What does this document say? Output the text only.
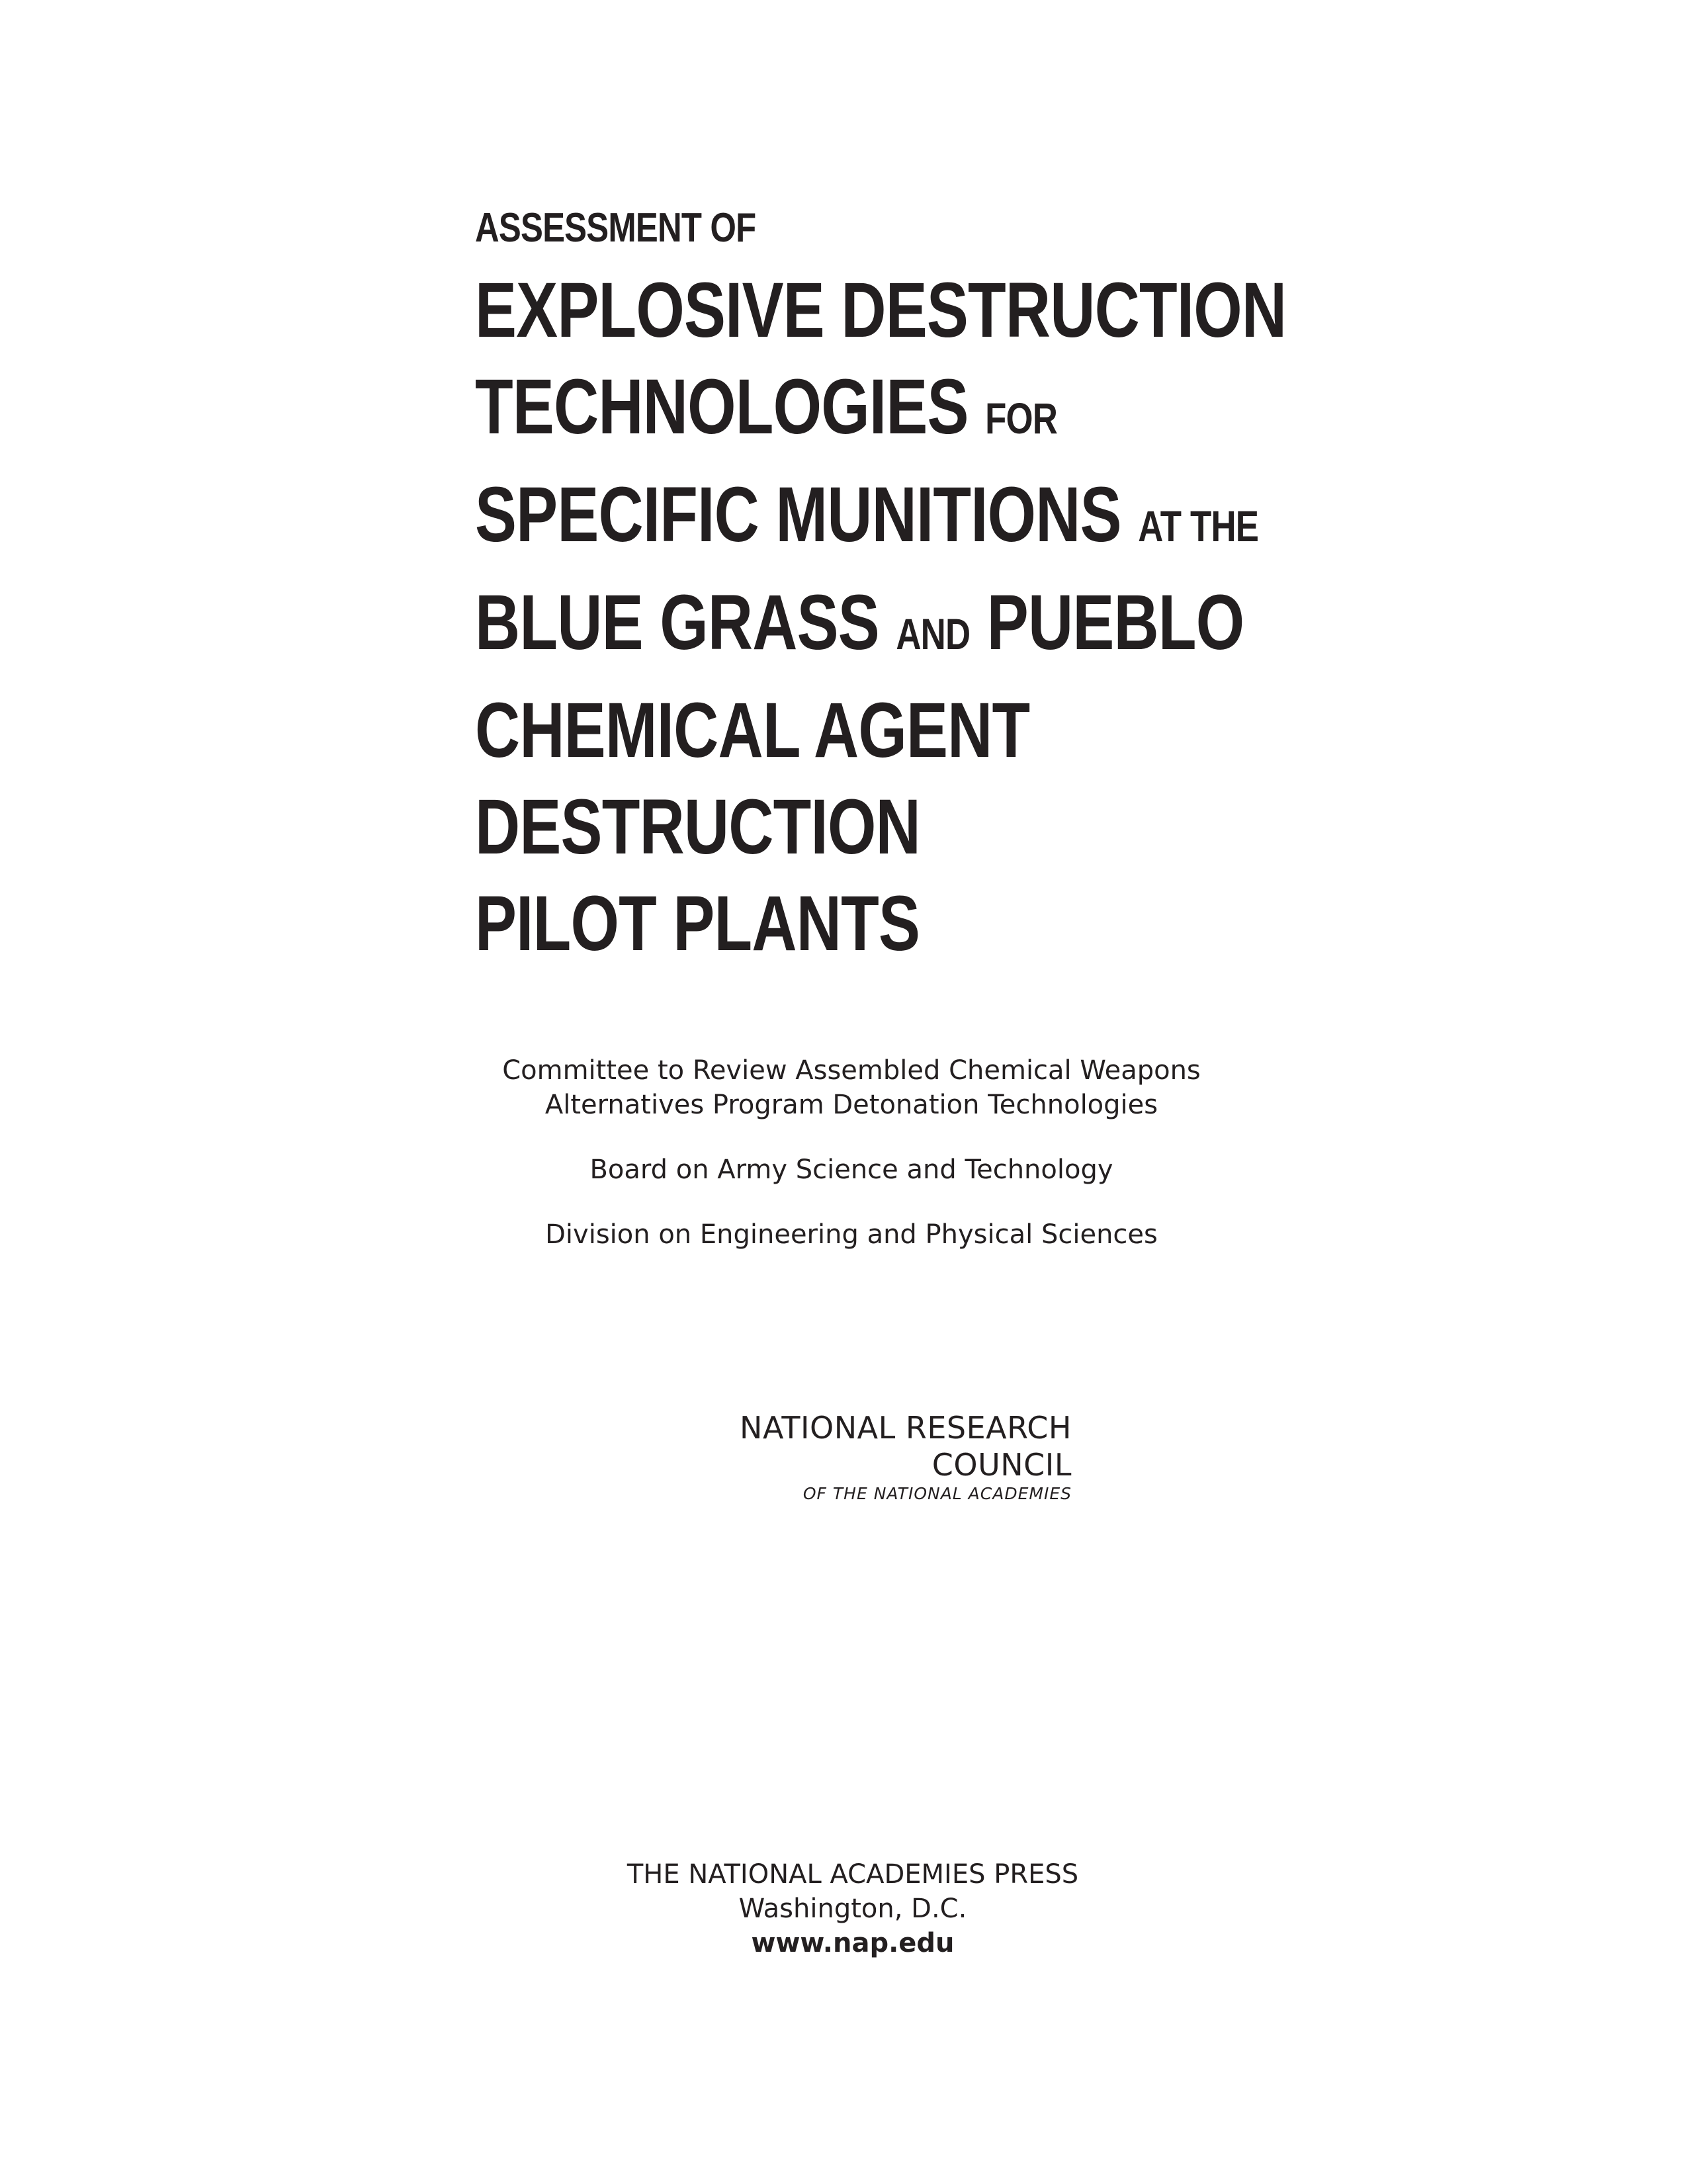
ASSESSMENT OF
EXPLOSIVE DESTRUCTION
TECHNOLOGIES FOR
SPECIFIC MUNITIONS AT THE
BLUE GRASS AND PUEBLO
CHEMICAL AGENT
DESTRUCTION
PILOT PLANTS

Committee to Review Assembled Chemical Weapons

Alternatives Program Detonation Technologies

Board on Army Science and Technology

Division on Engineering and Physical Sciences

NATIONAL RESEARCH COUNCIL
OF THE NATIONAL ACADEMIES

THE NATIONAL ACADEMIES PRESS

Washington, D.C.

www.nap.edu
